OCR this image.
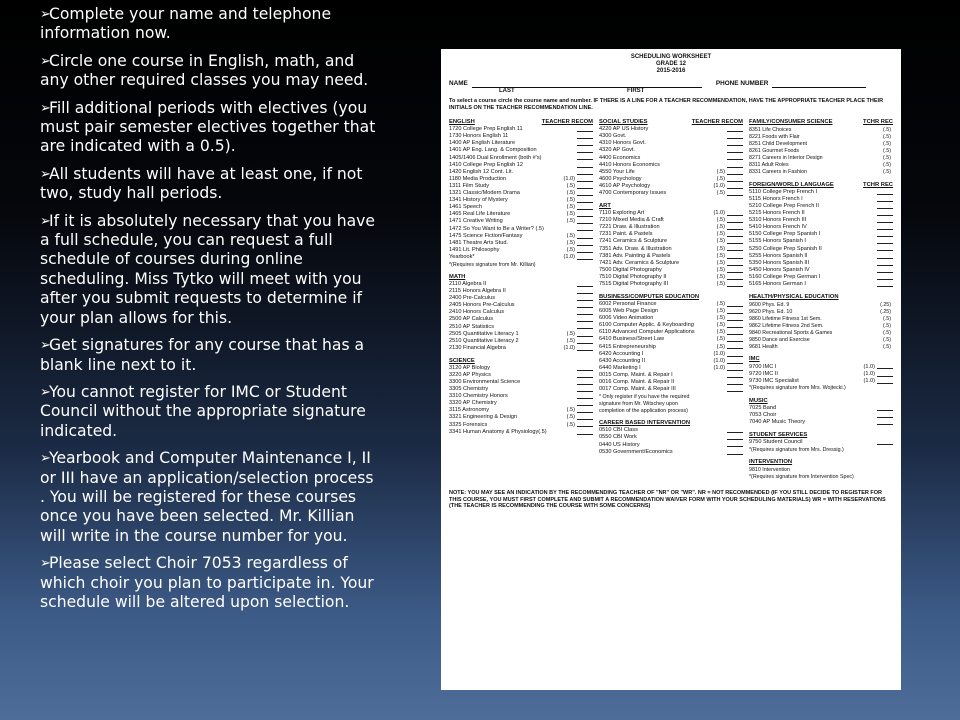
➢
Complete your name and telephone information now.
➢
Circle one course in English, math, and any other required classes you may need.
➢
Fill additional periods with electives (you must pair semester electives together that are indicated with a 0.5).
➢
All students will have at least one, if not two, study hall periods.
➢
If it is absolutely necessary that you have a full schedule, you can request a full schedule of courses during online scheduling. Miss Tytko will meet with you after you submit requests to determine if your plan allows for this.
➢
Get signatures for any course that has a blank line next to it.
➢
You cannot register for IMC or Student Council without the appropriate signature indicated.
➢
Yearbook and Computer Maintenance I, II or III have an application/selection process . You will be registered for these courses once you have been selected. Mr. Killian will write in the course number for you.
➢
Please select Choir 7053 regardless of which choir you plan to participate in. Your schedule will be altered upon selection.
SCHEDULING WORKSHEET
GRADE 12
2015-2016
NAME	PHONE NUMBER
LAST	FIRST
To select a course circle the course name and number. IF THERE IS A LINE FOR A TEACHER RECOMMENDATION, HAVE THE APPROPRIATE TEACHER PLACE THEIR INITIALS ON THE TEACHER RECOMMENDATION LINE.
ENGLISH	TEACHER RECOM
1720 College Prep English 11
1730 Honors English 11
1400 AP English Literature
1401 AP Eng. Lang. & Composition
1405/1406 Dual Enrollment (both #'s)
1410 College Prep English 12
1420 English 12 Cont. Lit.
1180 Media Production	(1.0)
1311 Film Study	(.5)
1321 Classic/Modern Drama	(.5)
1341 History of Mystery	(.5)
1461 Speech	(.5)
1465 Real Life Literature	(.5)
1471 Creative Writing	(.5)
1472 So You Want to Be a Writer? (.5)
1475 Science Fiction/Fantasy	(.5)
1481 Theatre Arts Stud.	(.5)
1491 Lit. Philosophy	(.5)
Yearbook*	(1.0)
*(Requires signature from Mr. Killian)
MATH
2110 Algebra II
2115 Honors Algebra II
2400 Pre-Calculus
2405 Honors Pre-Calculus
2410 Honors Calculus
2500 AP Calculus
2510 AP Statistics
2505 Quantitative Literacy 1	(.5)
2510 Quantitative Literacy 2	(.5)
2130 Financial Algebra	(1.0)
SCIENCE
3120 AP Biology
3220 AP Physics
3300 Environmental Science
3305 Chemistry
3310 Chemistry Honors
3320 AP Chemistry
3115 Astronomy	(.5)
3321 Engineering & Design	(.5)
3325 Forensics	(.5)
3341 Human Anatomy & Physiology(.5)
SOCIAL STUDIES	TEACHER RECOM
4220 AP US History
4300 Govt.
4310 Honors Govt.
4320 AP Govt.
4400 Economics
4410 Honors Economics
4550 Your Life	(.5)
4600 Psychology	(.5)
4610 AP Psychology	(1.0)
4700 Contemporary Issues	(.5)
ART
7110 Exploring Art	(1.0)
7210 Mixed Media & Craft	(.5)
7221 Draw. & Illustration	(.5)
7231 Paint. & Pastels	(.5)
7241 Ceramics & Sculpture	(.5)
7351 Adv. Draw. & Illustration	(.5)
7381 Adv. Painting & Pastels	(.5)
7421 Adv. Ceramics & Sculpture	(.5)
7500 Digital Photography	(.5)
7510 Digital Photography II	(.5)
7515 Digital Photography III	(.5)
BUSINESS/COMPUTER EDUCATION
6002 Personal Finance	(.5)
6005 Web Page Design	(.5)
6006 Video Animation	(.5)
6100 Computer Applic. & Keyboarding	(.5)
6110 Advanced Computer Applications	(.5)
6410 Business/Street Law	(.5)
6415 Entrepreneurship	(.5)
6420 Accounting I	(1.0)
6430 Accounting II	(1.0)
6440 Marketing I	(1.0)
0015 Comp. Maint. & Repair I
0016 Comp. Maint. & Repair II
0017 Comp. Maint. & Repair III
* Only register if you have the required
signature from Mr. Witschey upon
completion of the application process)
CAREER BASED INTERVENTION
0510 CBI Class
0550 CBI Work
0440 US History
0530 Government/Economics
FAMILY/CONSUMER SCIENCE	TCHR REC
8351 Life Choices	(.5)
8221 Foods with Flair	(.5)
8251 Child Development	(.5)
8261 Gourmet Foods	(.5)
8271 Careers in Interior Design	(.5)
8311 Adult Roles	(.5)
8331 Careers in Fashion	(.5)
FOREIGN/WORLD LANGUAGE	TCHR REC
5110 College Prep French I
5115 Honors French I
5210 College Prep French II
5215 Honors French II
5310 Honors French III
5410 Honors French IV
5150 College Prep Spanish I
5155 Honors Spanish I
5250 College Prep Spanish II
5255 Honors Spanish II
5350 Honors Spanish III
5450 Honors Spanish IV
5160 College Prep German I
5165 Honors German I
HEALTH/PHYSICAL EDUCATION
9600 Phys. Ed. 9	(.25)
9620 Phys. Ed. 10	(.25)
9860 Lifetime Fitness 1st Sem.	(.5)
9862 Lifetime Fitness 2nd Sem.	(.5)
9840 Recreational Sports & Games	(.5)
9850 Dance and Exercise	(.5)
9681 Health	(.5)
IMC
9700 IMC I	(1.0)
9720 IMC II	(1.0)
9730 IMC Specialist	(1.0)
*(Requires signature from Mrs. Wojtecki.)
MUSIC
7025 Band
7053 Choir
7040 AP Music Theory
STUDENT SERVICES
9750 Student Council
*(Requires signature from Mrs. Dressig.)
INTERVENTION
9810 Intervention
*(Requires signature from Intervention Spec)
NOTE: YOU MAY SEE AN INDICATION BY THE RECOMMENDING TEACHER OF "NR" OR "WR". NR = NOT RECOMMENDED (IF YOU STILL DECIDE TO REGISTER FOR THIS COURSE, YOU MUST FIRST COMPLETE AND SUBMIT A RECOMMENDATION WAIVER FORM WITH YOUR SCHEDULING MATERIALS) WR = WITH RESERVATIONS (THE TEACHER IS RECOMMENDING THE COURSE WITH SOME CONCERNS)
